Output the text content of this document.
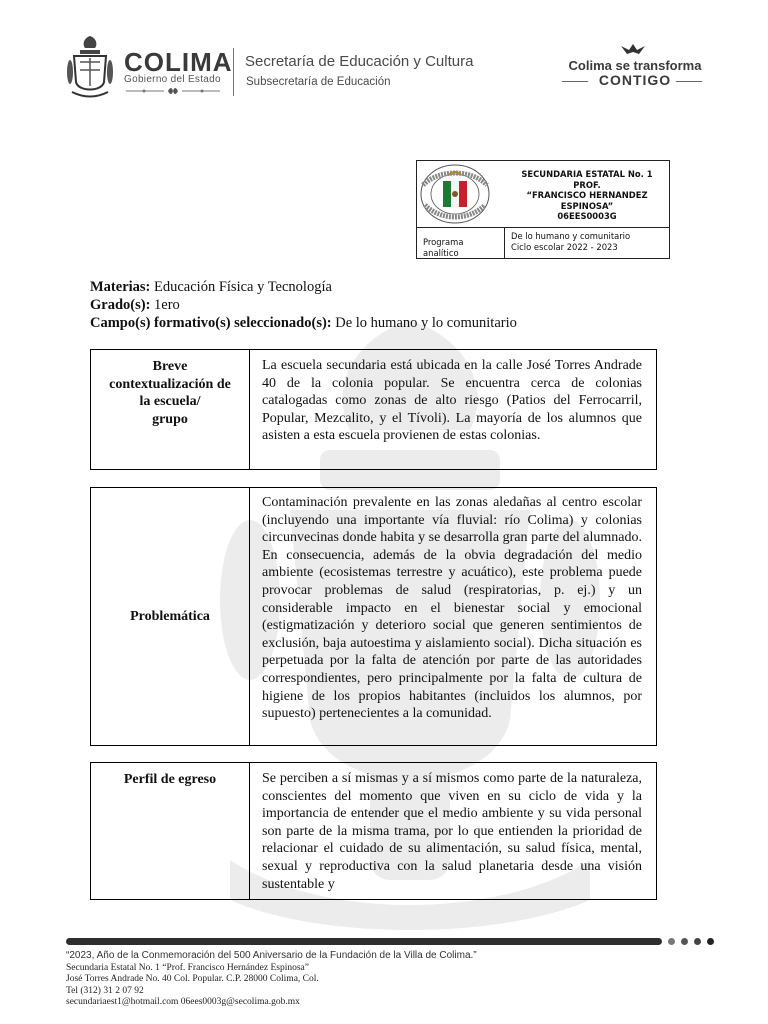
COLIMA
Gobierno del Estado
Secretaría de Educación y Cultura
Subsecretaría de Educación
Colima se transforma
CONTIGO
SECUNDARIA ESTATAL No. 1
PROF.
“FRANCISCO HERNANDEZ
ESPINOSA”
06EES0003G
Programa analítico
De lo humano y comunitario
Ciclo escolar 2022 - 2023
Materias: Educación Física y Tecnología
Grado(s): 1ero
Campo(s) formativo(s) seleccionado(s): De lo humano y lo comunitario
Breve
contextualización de
la escuela/
grupo
La escuela secundaria está ubicada en la calle José Torres Andrade 40 de la colonia popular. Se encuentra cerca de colonias catalogadas como zonas de alto riesgo (Patios del Ferrocarril, Popular, Mezcalito, y el Tívoli). La mayoría de los alumnos que asisten a esta escuela provienen de estas colonias.
Problemática
Contaminación prevalente en las zonas aledañas al centro escolar (incluyendo una importante vía fluvial: río Colima) y colonias circunvecinas donde habita y se desarrolla gran parte del alumnado. En consecuencia, además de la obvia degradación del medio ambiente (ecosistemas terrestre y acuático), este problema puede provocar problemas de salud (respiratorias, p. ej.) y un considerable impacto en el bienestar social y emocional (estigmatización y deterioro social que generen sentimientos de exclusión, baja autoestima y aislamiento social). Dicha situación es perpetuada por la falta de atención por parte de las autoridades correspondientes, pero principalmente por la falta de cultura de higiene de los propios habitantes (incluidos los alumnos, por supuesto) pertenecientes a la comunidad.
Perfil de egreso	Se perciben a sí mismas y a sí mismos como parte de la naturaleza, conscientes del momento que viven en su ciclo de vida y la importancia de entender que el medio ambiente y su vida personal son parte de la misma trama, por lo que entienden la prioridad de relacionar el cuidado de su alimentación, su salud física, mental, sexual y reproductiva con la salud planetaria desde una visión sustentable y
“2023, Año de la Conmemoración del 500 Aniversario de la Fundación de la Villa de Colima.”
Secundaria Estatal No. 1 “Prof. Francisco Hernández Espinosa”
José Torres Andrade No. 40 Col. Popular. C.P. 28000 Colima, Col.
Tel (312) 31 2 07 92
secundariaest1@hotmail.com 06ees0003g@secolima.gob.mx
